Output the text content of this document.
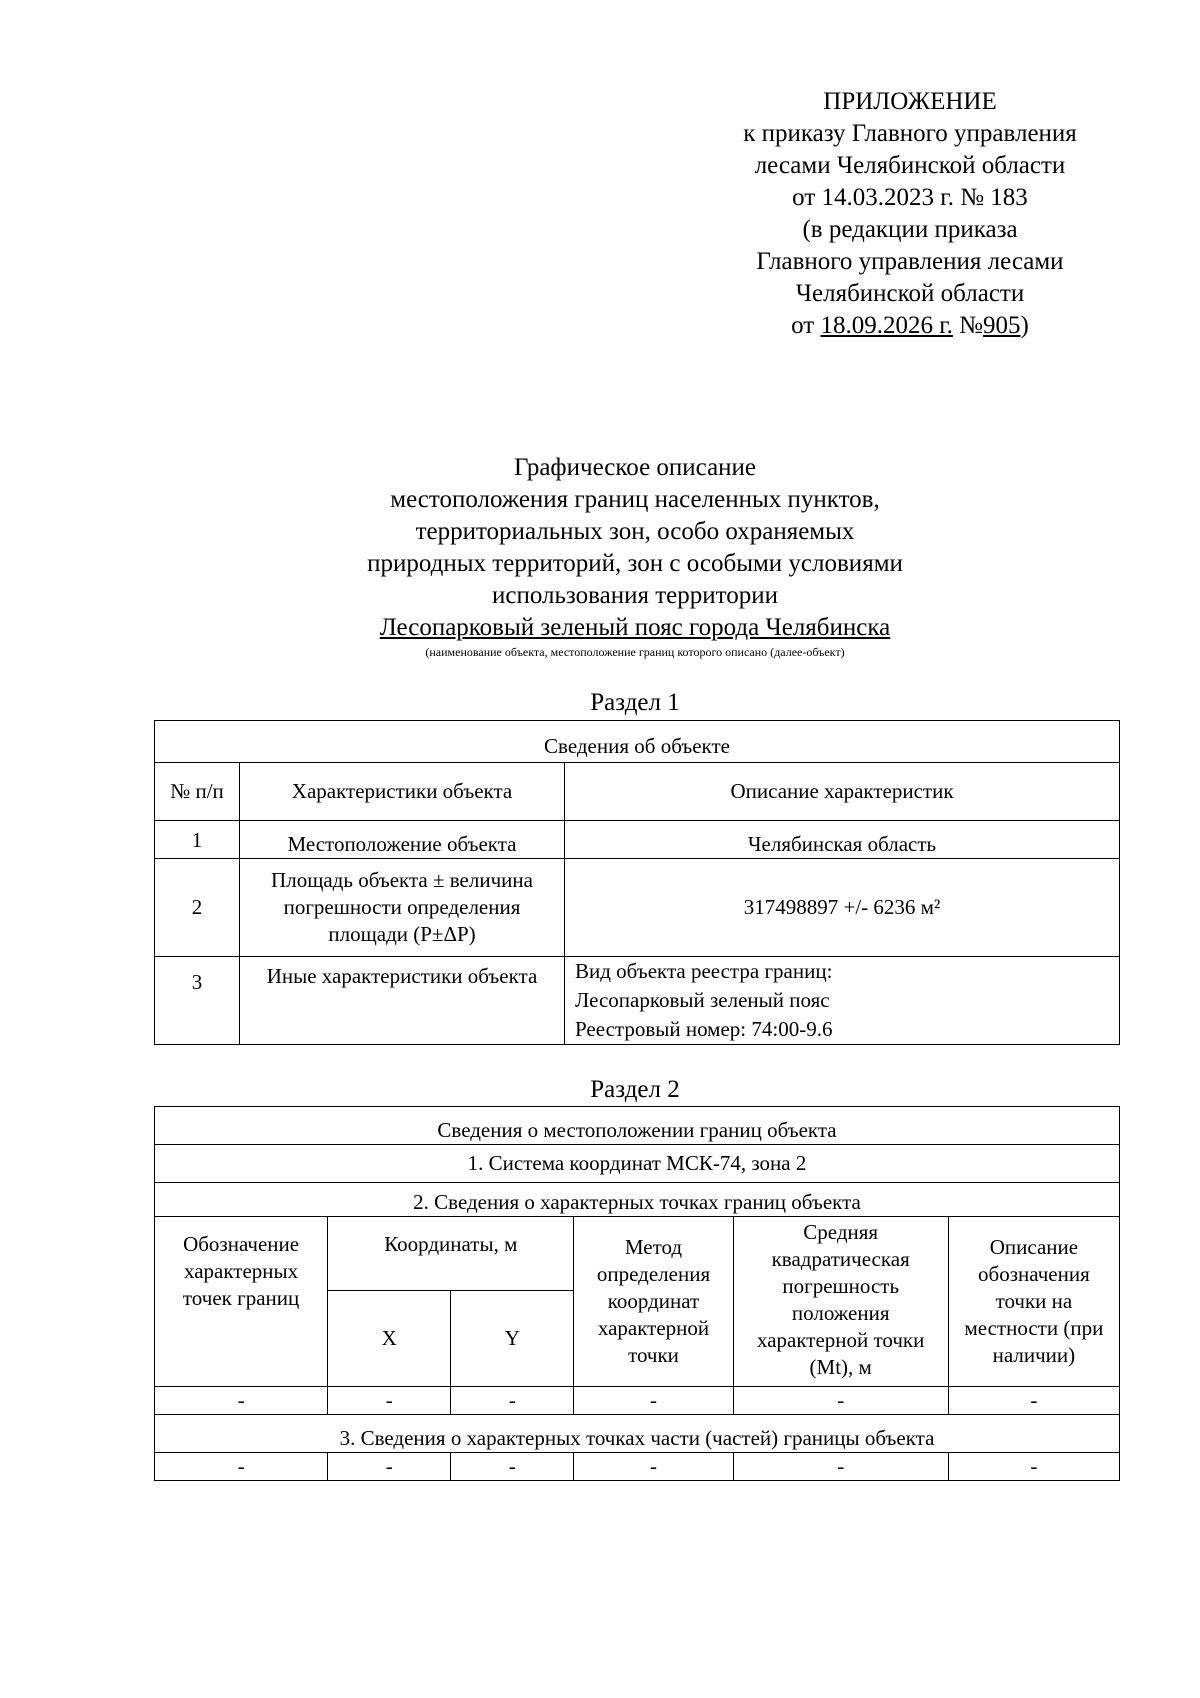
ПРИЛОЖЕНИЕ
к приказу Главного управления
лесами Челябинской области
от 14.03.2023 г. № 183
(в редакции приказа
Главного управления лесами
Челябинской области
от 18.09.2026 г. №905)
Графическое описание
местоположения границ населенных пунктов,
территориальных зон, особо охраняемых
природных территорий, зон с особыми условиями
использования территории
Лесопарковый зеленый пояс города Челябинска
(наименование объекта, местоположение границ которого описано (далее-объект)
Раздел 1
Сведения об объекте		
№ п/п	Характеристики объекта	Описание характеристик
1	Местоположение объекта	Челябинская область
2	Площадь объекта ± величина погрешности определения площади (Р±ΔР)	317498897 +/- 6236 м²
3	Иные характеристики объекта	Вид объекта реестра границ:
Лесопарковый зеленый пояс
Реестровый номер: 74:00-9.6
Раздел 2
Сведения о местоположении границ объекта					
1. Система координат МСК-74, зона 2					
2. Сведения о характерных точках границ объекта					
Обозначение характерных точек границ	Координаты, м		Метод определения координат характерной точки	Средняя квадратическая погрешность положения характерной точки (Mt), м	Описание обозначения точки на местности (при наличии)
	X	Y			
-	-	-	-	-	-
3. Сведения о характерных точках части (частей) границы объекта					
-	-	-	-	-	-
